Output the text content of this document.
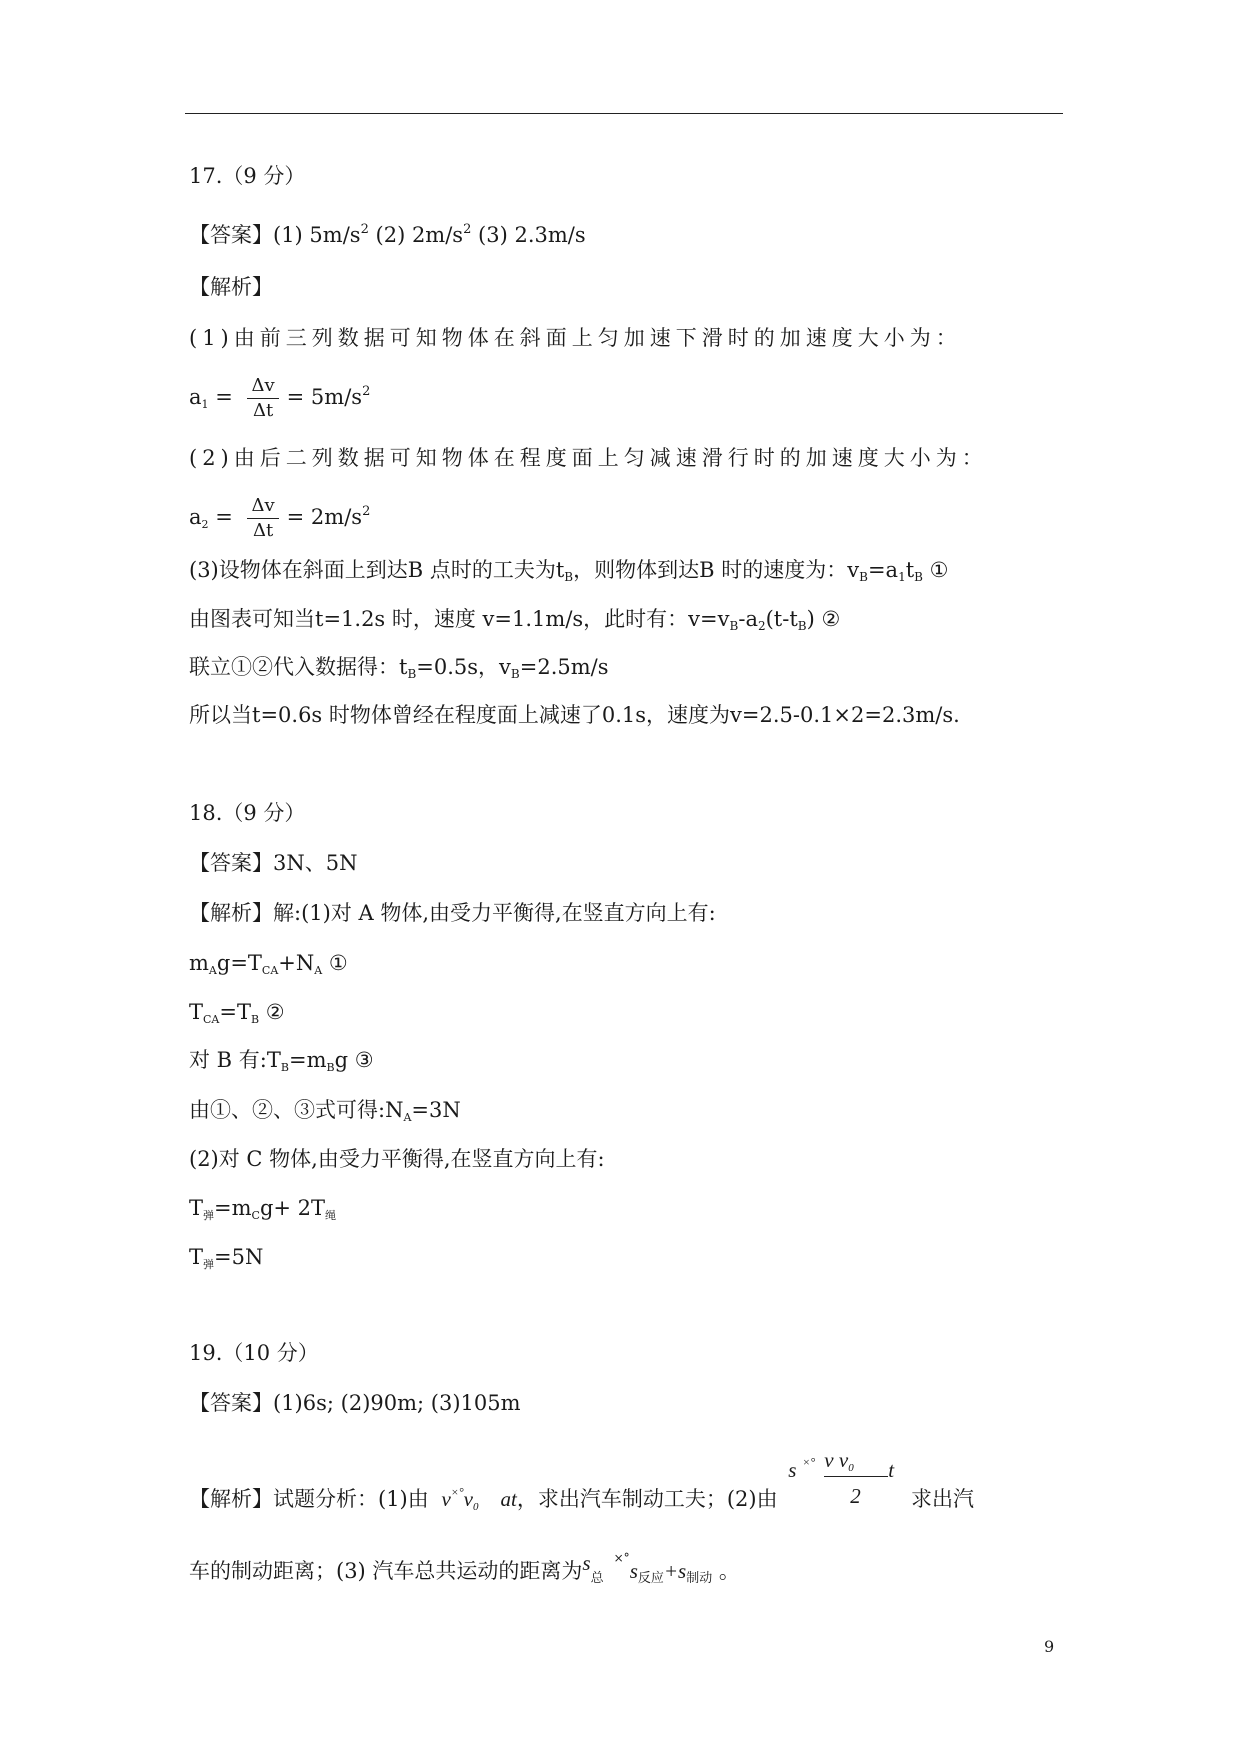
17.（9 分）
【答案】(1) $5m/s^2$ (2) $2m/s^2$ (3) 2.3m/s
【解析】
(1)由前三列数据可知物体在斜面上匀加速下滑时的加速度大小为：
$a_1 = \frac{\Delta v}{\Delta t} = 5m/s^2$
(2)由后二列数据可知物体在程度面上匀减速滑行时的加速度大小为：
$a_2 = \frac{\Delta v}{\Delta t} = 2m/s^2$
(3)设物体在斜面上到达B 点时的工夫为tB，则物体到达B 时的速度为：vB=a1tB ①
由图表可知当t=1.2s 时，速度 v=1.1m/s，此时有：v=vB-a2(t-tB) ②
联立①②代入数据得：tB=0.5s，vB=2.5m/s
所以当t=0.6s 时物体曾经在程度面上减速了0.1s，速度为v=2.5-0.1×2=2.3m/s.
18.（9 分）
【答案】3N、5N
【解析】解:(1)对 A 物体,由受力平衡得,在竖直方向上有:
$m_Ag=T_{CA}+N_A$ ①
$T_{CA}=T_B$ ②
对 B 有$:T_B=m_Bg$ ③
由①、②、③式可得$:N_A=3N$
(2)对 C 物体,由受力平衡得,在竖直方向上有:
$T_弹=m_Cg+ 2T_绳$
$T_弹=5N$
19.（10 分）
【答案】(1)6s; (2)90m; (3)105m
【解析】试题分析：(1)由 $v^{\times^\circ}v_0$ at，求出汽车制动工夫；(2)由
s ×° v $v_0$
2
t
求出汽
车的制动距离；(3) 汽车总共运动的距离为$s_总^{\times^\circ}s_{反应}+s_{制动}$ 。
9
